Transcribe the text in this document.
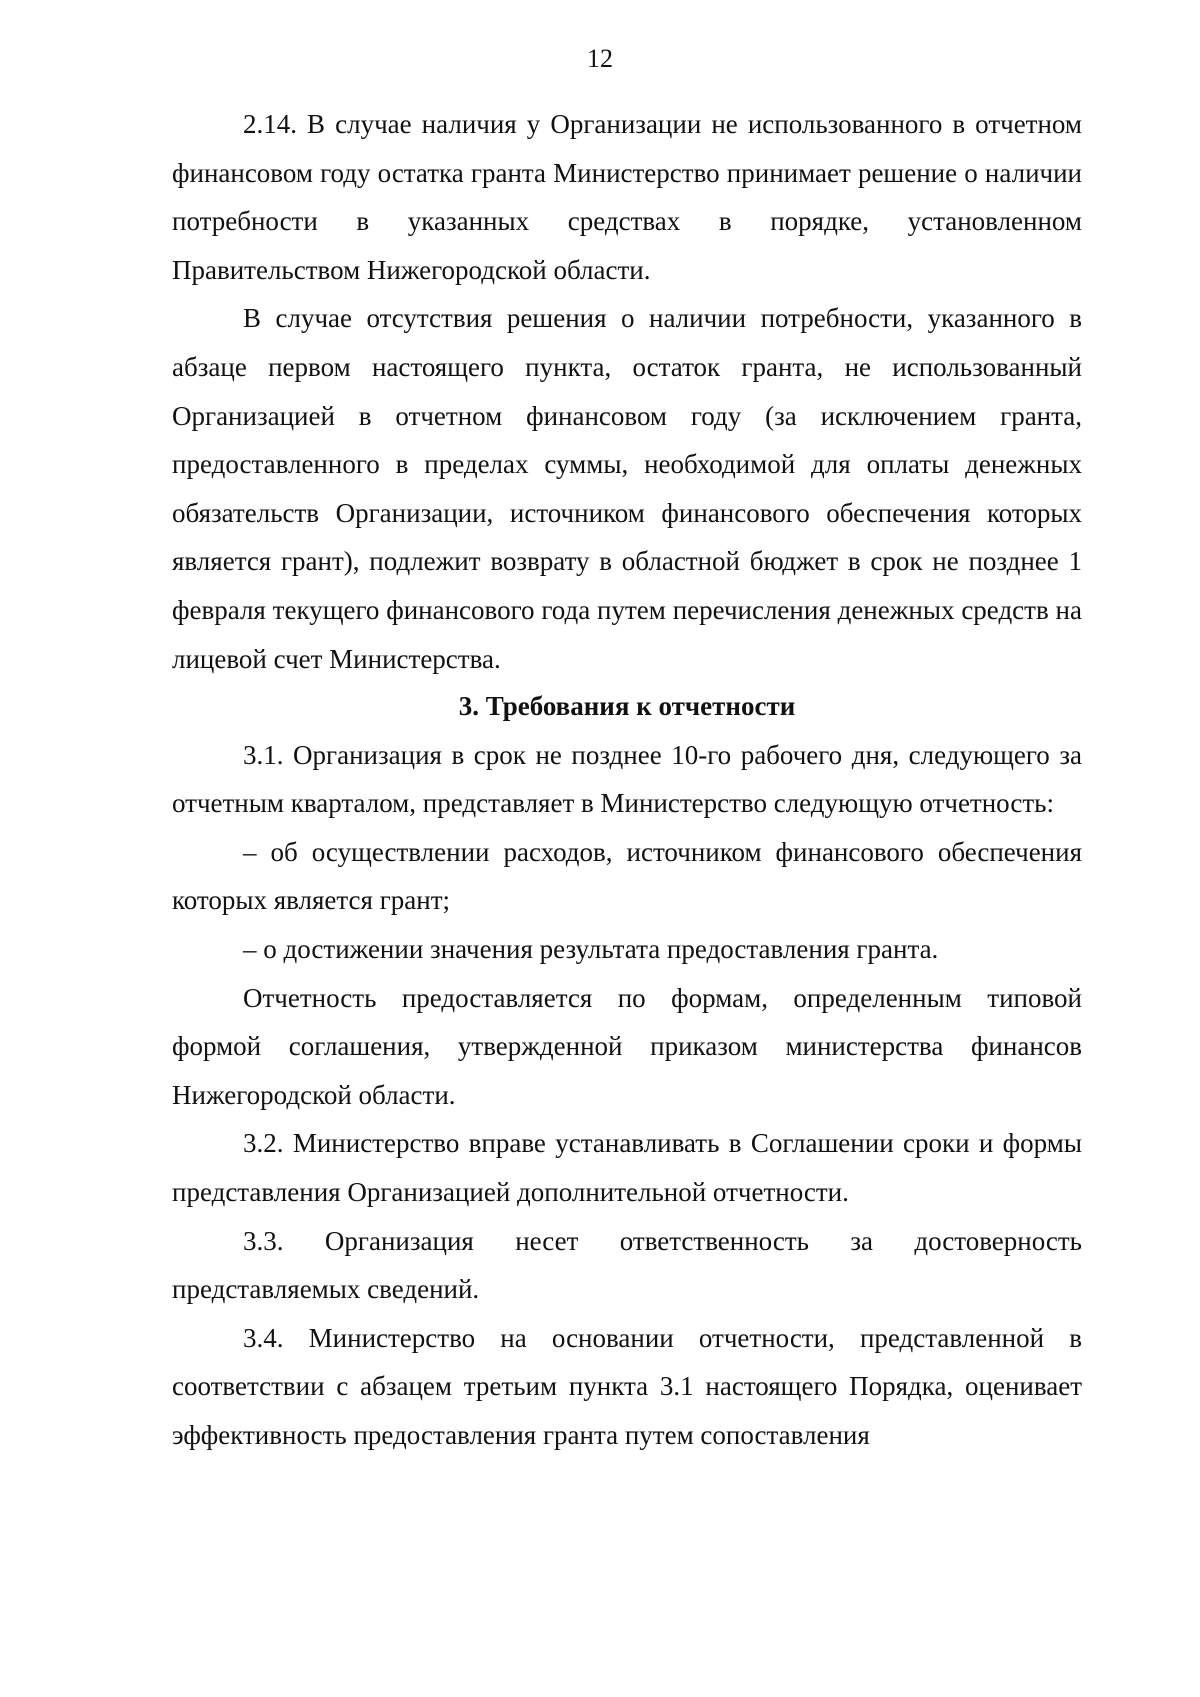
12

2.14. В случае наличия у Организации не использованного в отчетном финансовом году остатка гранта Министерство принимает решение о наличии потребности в указанных средствах в порядке, установленном Правительством Нижегородской области.

В случае отсутствия решения о наличии потребности, указанного в абзаце первом настоящего пункта, остаток гранта, не использованный Организацией в отчетном финансовом году (за исключением гранта, предоставленного в пределах суммы, необходимой для оплаты денежных обязательств Организации, источником финансового обеспечения которых является грант), подлежит возврату в областной бюджет в срок не позднее 1 февраля текущего финансового года путем перечисления денежных средств на лицевой счет Министерства.

3. Требования к отчетности

3.1. Организация в срок не позднее 10-го рабочего дня, следующего за отчетным кварталом, представляет в Министерство следующую отчетность:

– об осуществлении расходов, источником финансового обеспечения которых является грант;

– о достижении значения результата предоставления гранта.

Отчетность предоставляется по формам, определенным типовой формой соглашения, утвержденной приказом министерства финансов Нижегородской области.

3.2. Министерство вправе устанавливать в Соглашении сроки и формы представления Организацией дополнительной отчетности.

3.3. Организация несет ответственность за достоверность представляемых сведений.

3.4. Министерство на основании отчетности, представленной в соответствии с абзацем третьим пункта 3.1 настоящего Порядка, оценивает эффективность предоставления гранта путем сопоставления
